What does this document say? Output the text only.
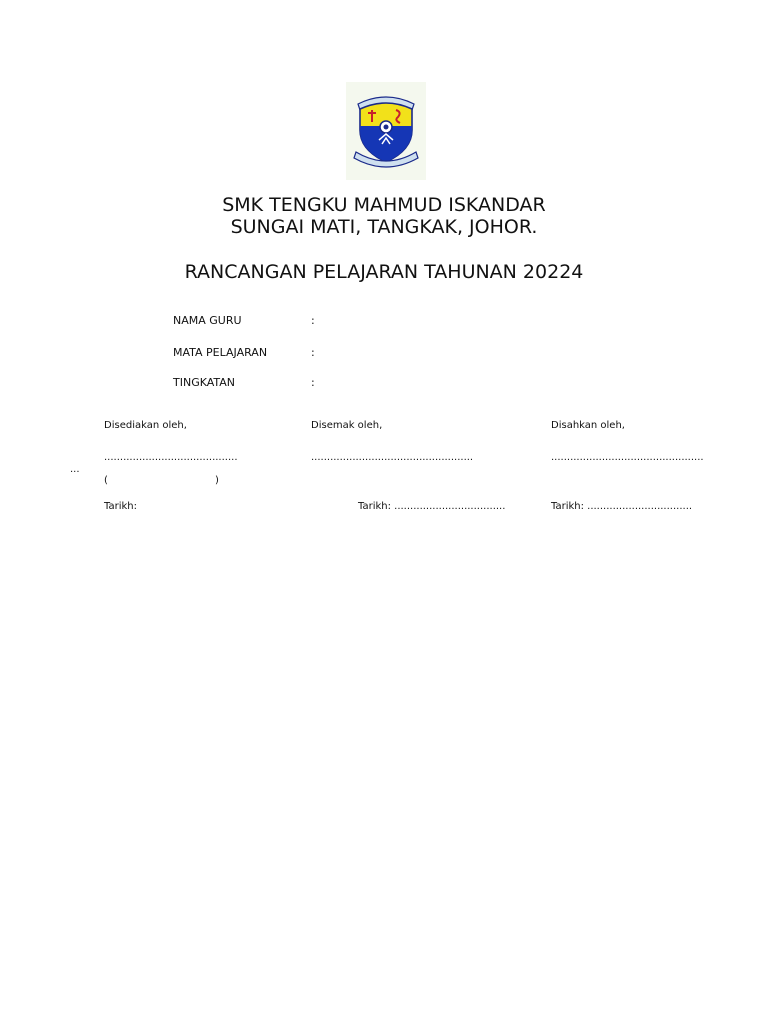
SMK TENGKU MAHMUD ISKANDAR
SUNGAI MATI, TANGKAK, JOHOR.
RANCANGAN PELAJARAN TAHUNAN 20224
NAMA GURU	:
MATA PELAJARAN	:
TINGKATAN	:
Disediakan oleh,	Disemak oleh,	Disahkan oleh,
..........................................	...................................................	................................................
...
(	)
Tarikh:	Tarikh: ...................................	Tarikh: .................................
